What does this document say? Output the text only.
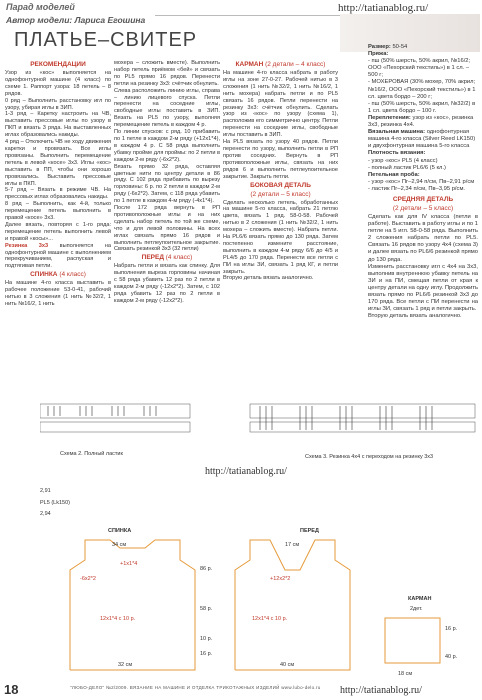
Парад моделей
Автор модели: Лариса Егошина
http://tatianablog.ru/
ПЛАТЬЕ–СВИТЕР
РЕКОМЕНДАЦИИ

Узор из «кос» выполняется на однофонтурной машине (4 класс) по схеме 1. Раппорт узора: 18 петель – 8 рядов.

0 ряд – Выполнить расстановку игл по узору, убирая иглы в ЗИП.

1-3 ряд – Каретку настроить на ЧВ, выставить прессовые иглы по узору в ПКП и вязать 3 ряда. На выставленных иглах образовались накиды.

4 ряд – Отключить ЧВ не ходу движения каретки и провязать. Все иглы провязаны. Выполнить перемещение петель в левой «косе» 3х3. Иглы «кос» выставить в ПП, чтобы они хорошо провязались. Выставить прессовые иглы в ПКП.

5-7 ряд – Вязать в режиме ЧВ. На прессовых иглах образовались накиды.

8 ряд – Выполнить, как 4-й, только перемещение петель выполнить в правой «косе» 3х3.

Далее вязать, повторяя с 1-го ряда: перемещение петель выполнить левой и правой «косы»...

Резинка 3х3 выполняется на однофонтурной машине с выполнением перекручиванием, распуская и подтягивая петли.

СПИНКА (4 класс)

На машине 4-го класса выставить в рабочее положение 53-0-41, рабочий нитью в 3 сложения (1 нить №32/2, 1 нить №16/2, 1 нить

мохера – сложить вместе). Выполнить набор петель приёмом «бей» и связать по PL5 прямо 16 рядов. Перенести петли на резинку 3х3: счётчик обнулить.

Слева расположить линию иглы, справа – линию лицевого спуска. Петли перенести на соседние иглы, свободные иглы поставить в ЗИП. Вязать на PL5 по узору, выполняя перемещение петель в каждом 4 р.

По линии спусков: с ряд. 10 прибавить по 1 петле в каждом 2-м ряду (+12x1*4), в каждом 4 р. С 58 ряда выполнить убавку пройме для проймы: по 2 петли в каждом 2-м ряду (-6x2*2).

Вязать прямо 32 ряда, оставляя цветные нити по центру детали в 86 ряду. С 102 ряда прибавить по вырезу горловины: 6 р. по 2 петли в каждом 2-м ряду (-6x2*2). Затем, с 118 ряда убавить по 1 петле в каждом 4-м ряду (-4x1*4).

После 172 ряда вернуть в РП противоположные иглы и на них сделать набор петель по той же схеме, что и для левой половины. На всех иглах связать прямо 16 рядов и выполнить петлеупоительное закрытие. Связать резинкой 3х3 (32 петли)

ПЕРЕД (4 класс)

Набрать петли и вязать как спинку. Для выполнения выреза горловины начиная с 58 ряда убавить 12 раз по 2 петли в каждом 2-м ряду (-12x2*2). Затем, с 102 ряда убавить 12 раз по 2 петли в каждом 2-м ряду (-12x2*2).

КАРМАН (2 детали – 4 класс)

На машине 4-го класса набрать в работу иглы на зоне 27-0-27. Рабочей нитью в 3 сложения (1 нить №32/2, 1 нить №16/2, 1 нить мохера) набрать петли и по PL5 связать 16 рядов. Петли перенести на резинку 3х3: счётчик обнулить. Сделать узор из «кос» по узору (схема 1), расположив его симметрично центру. Петли перенести на соседние иглы, свободные иглы поставить в ЗИП.

На PL5 вязать по узору 40 рядов. Петли перенести по узору, выполнить петли в РП против соседних. Вернуть в РП противоположные иглы, связать на них рядов 6 и выполнить петлеупоительное закрытие. Закрыть петли.

БОКОВАЯ ДЕТАЛЬ
(2 детали – 5 класс)

Сделать несколько петель, обработанных на машине 5-го класса, набрать 21 петлю цвета, вязать 1 ряд. 58-0-58. Рабочей нитью в 2 сложения (1 нить №32/2, 1 нить мохера – сложить вместе). Набрать петли. На PL6/6 вязать прямо до 130 ряда. Затем постепенно измените расстояние, выполнить в каждом 4-м ряду 6/6 до 4/5 и PL4/5 до 170 ряда. Перенести все петли с ПИ на иглы ЗИ, связать 1 ряд КГ, и петли закрыть.

Вторую деталь вязать аналогично.

Размер: 50-54
Пряжа:
- пш (50% шерсть, 50% акрил, №16/2; ООО «Пехорский текстиль») в 1 сл. – 500 г;
- МОХЕРОВАЯ (30% мохер, 70% акрил; №16/2, ООО «Пехорский текстиль») в 1 сл. цвета бордо – 200 г;
- пш (50% шерсть, 50% акрил, №32/2) в 1 сл. цвета бордо – 100 г.
Переплетения: узор из «кос», резинка 3х3, резинка 4х4.
Вязальная машина: однофонтурная машина 4-го класса (Silver Reed LK150) и двухфонтурная машина 5-го класса
Плотность вязания:
- узор «кос» PL5 (4 класс)
- полный ластик PL6/6 (5 кл.)
Петельная проба:
- узор «кос» Пг–2,94 п/см, Пв–2,91 р/см
- ластик Пг–2,34 п/см, Пв–3,95 р/см.
СРЕДНЯЯ ДЕТАЛЬ
(2 детали – 5 класс)
Сделать как для IV класса (петли в работе). Выставить в работу иглы и по 1 петле на 5 игл. 58-0-58 ряда. Выполнить 2 сложения набрать петли по PL5. Связать 16 рядов по узору 4х4 (схема 3) и далее вязать по PL6/6 резинкой прямо до 130 ряда.
Изменить расстановку игл с 4х4 на 3х3, выполнив внутреннюю убавку петель на ЗИ и на ПИ, смещая петли от края к центру детали на одну иглу. Продолжить вязать прямо по PL6/6 резинкой 3х3 до 170 ряда. Все петли с ПИ перенести на иглы ЗИ, связать 1 ряд и петли закрыть.
Вторую деталь вязать аналогично.
Схема 2. Полный ластик	Схема 3. Резинка 4х4 с переходом на резинку 3х3
http://tatianablog.ru/
2,91
PL5 (Lk150)
2,94
СПИНКА	ПЕРЕД
34 см
+1x1*4
-6x2*2
12x1*4 с 10 р.
32 см
17 см
+12x2*2
12x1*4 с 10 р.
40 см
86 р.
58 р.
10 р.
16 р.
КАРМАН
2дет.
16 р.
40 р.
18 см
http://tatianablog.ru/
18	"ЛЮБО-ДЕЛО" №2/2009. ВЯЗАНИЕ НА МАШИНЕ И ОТДЕЛКА ТРИКОТАЖНЫХ ИЗДЕЛИЙ www.lubo-delo.ru
